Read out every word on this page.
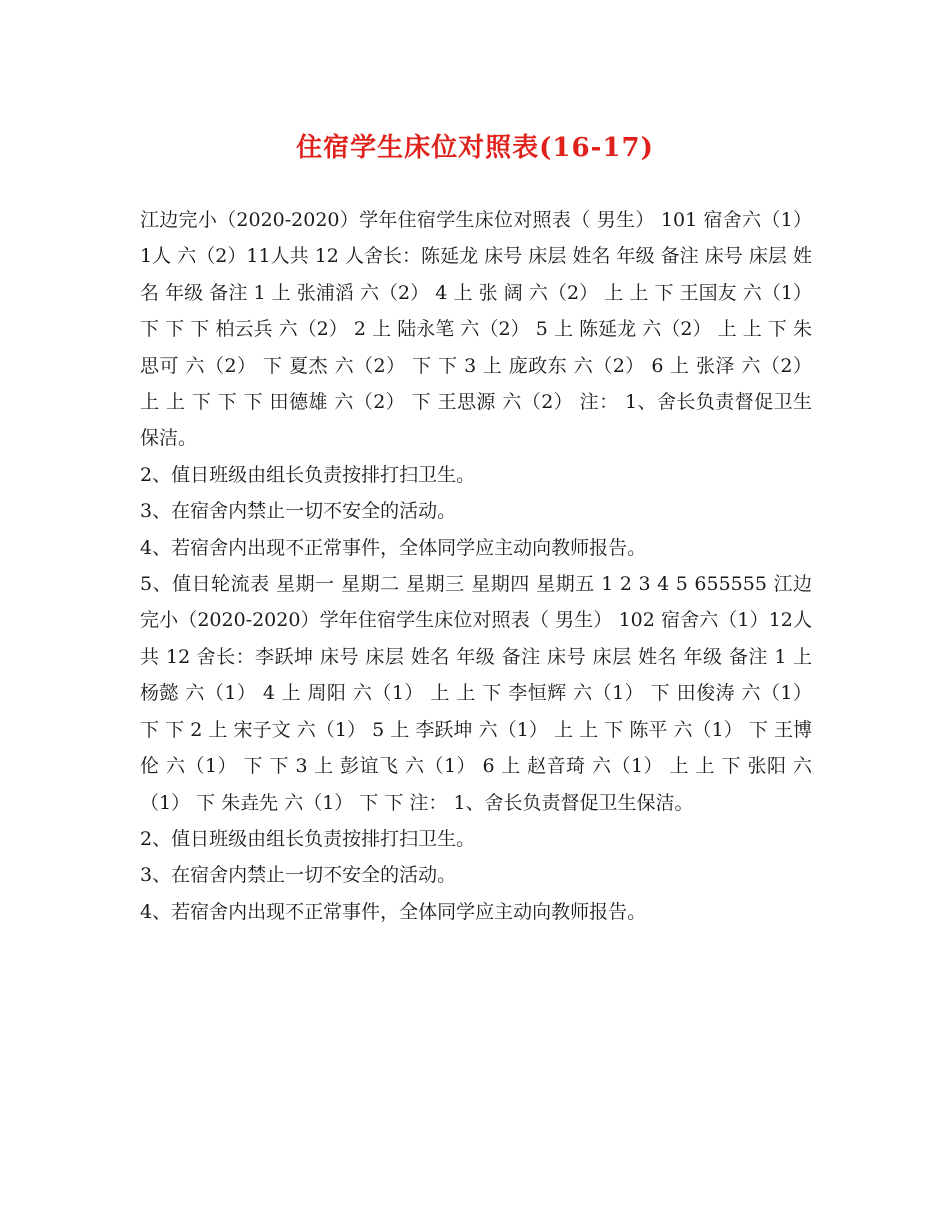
住宿学生床位对照表(16-17)

江边完小（2020-2020）学年住宿学生床位对照表（ 男生） 101 宿舍六（1）1人 六（2）11人共 12 人舍长：陈延龙 床号 床层 姓名 年级 备注 床号 床层 姓名 年级 备注 1 上 张浦滔 六（2） 4 上 张 阔 六（2） 上 上 下 王国友 六（1） 下 下 下 柏云兵 六（2） 2 上 陆永笔 六（2） 5 上 陈延龙 六（2） 上 上 下 朱思可 六（2） 下 夏杰 六（2） 下 下 3 上 庞政东 六（2） 6 上 张泽 六（2） 上 上 下 下 下 田德雄 六（2） 下 王思源 六（2） 注： 1、舍长负责督促卫生保洁。

2、值日班级由组长负责按排打扫卫生。

3、在宿舍内禁止一切不安全的活动。

4、若宿舍内出现不正常事件，全体同学应主动向教师报告。

5、值日轮流表 星期一 星期二 星期三 星期四 星期五 1 2 3 4 5 655555 江边完小（2020-2020）学年住宿学生床位对照表（ 男生） 102 宿舍六（1）12人 共 12 舍长：李跃坤 床号 床层 姓名 年级 备注 床号 床层 姓名 年级 备注 1 上 杨懿 六（1） 4 上 周阳 六（1） 上 上 下 李恒辉 六（1） 下 田俊涛 六（1） 下 下 2 上 宋子文 六（1） 5 上 李跃坤 六（1） 上 上 下 陈平 六（1） 下 王博伦 六（1） 下 下 3 上 彭谊飞 六（1） 6 上 赵音琦 六（1） 上 上 下 张阳 六（1） 下 朱垚先 六（1） 下 下 注： 1、舍长负责督促卫生保洁。

2、值日班级由组长负责按排打扫卫生。

3、在宿舍内禁止一切不安全的活动。

4、若宿舍内出现不正常事件，全体同学应主动向教师报告。
